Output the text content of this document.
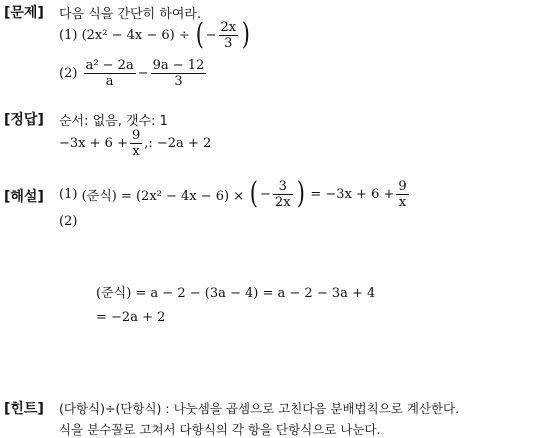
[문제] 다음 식을 간단히 하여라.
(1)
(2x² − 4x − 6) ÷
( − $\frac{2x}{3}$ )
(2)
$\frac{\text{a² − 2a}}{a} - \frac{9a - 12}{3}$
[정답] 순서: 없음, 갯수: 1
$-3x + 6 + \frac{9}{x}$ ,: −2a + 2
[해설] (1)
(준식) = (2x² − 4x − 6) ×
( − $\frac{3}{2x}$ )
= $-3x + 6 + \frac{9}{x}$
(2)
(준식) = a − 2 − (3a − 4) = a − 2 − 3a + 4
= −2a + 2
[힌트] (다항식)÷(단항식) : 나눗셈을 곱셈으로 고친다음 분배법칙으로 계산한다.
식을 분수꼴로 고쳐서 다항식의 각 항을 단항식으로 나눈다.
